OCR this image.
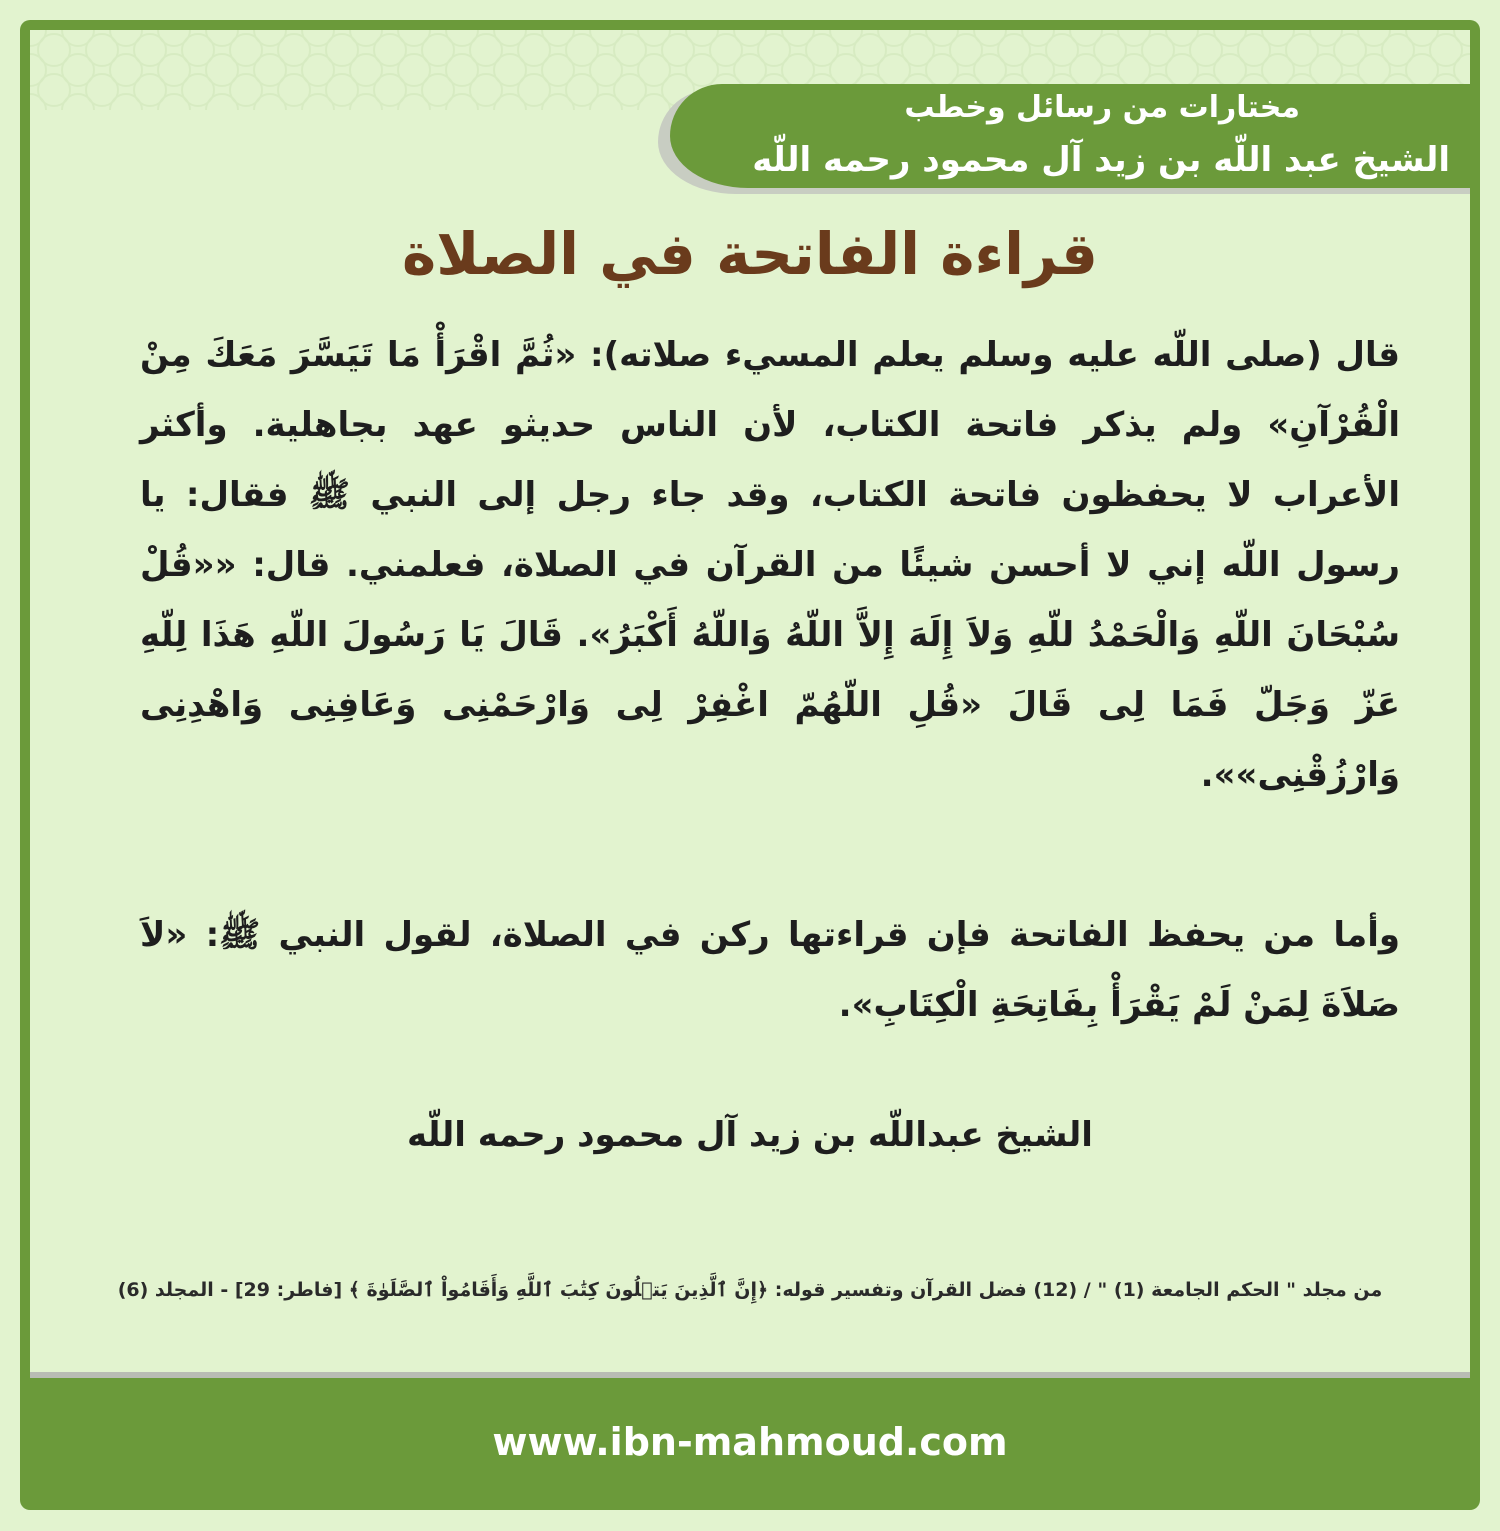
مختارات من رسائل وخطب
الشيخ عبد اللّه بن زيد آل محمود رحمه اللّه
قراءة الفاتحة في الصلاة
قال (صلى اللّه عليه وسلم يعلم المسيء صلاته): «ثُمَّ اقْرَأْ مَا تَيَسَّرَ مَعَكَ مِنْ الْقُرْآنِ» ولم يذكر فاتحة الكتاب، لأن الناس حديثو عهد بجاهلية. وأكثر الأعراب لا يحفظون فاتحة الكتاب، وقد جاء رجل إلى النبي ﷺ فقال: يا رسول اللّه إني لا أحسن شيئًا من القرآن في الصلاة، فعلمني. قال: ««قُلْ سُبْحَانَ اللّهِ وَالْحَمْدُ للّهِ وَلاَ إِلَهَ إِلاَّ اللّهُ وَاللّهُ أَكْبَرُ». قَالَ يَا رَسُولَ اللّهِ هَذَا لِلّهِ عَزّ وَجَلّ فَمَا لِى قَالَ «قُلِ اللّهُمّ اغْفِرْ لِى وَارْحَمْنِى وَعَافِنِى وَاهْدِنِى وَارْزُقْنِى»».
وأما من يحفظ الفاتحة فإن قراءتها ركن في الصلاة، لقول النبي ﷺ: «لاَ صَلاَةَ لِمَنْ لَمْ يَقْرَأْ بِفَاتِحَةِ الْكِتَابِ».
الشيخ عبداللّه بن زيد آل محمود رحمه اللّه
من مجلد " الحكم الجامعة (1) " / (12) فضل القرآن وتفسير قوله: ﴿إِنَّ ٱلَّذِينَ يَتۡلُونَ كِتَٰبَ ٱللَّهِ وَأَقَامُواْ ٱلصَّلَوٰةَ ﴾ [فاطر: 29] - المجلد (6)
www.ibn-mahmoud.com
